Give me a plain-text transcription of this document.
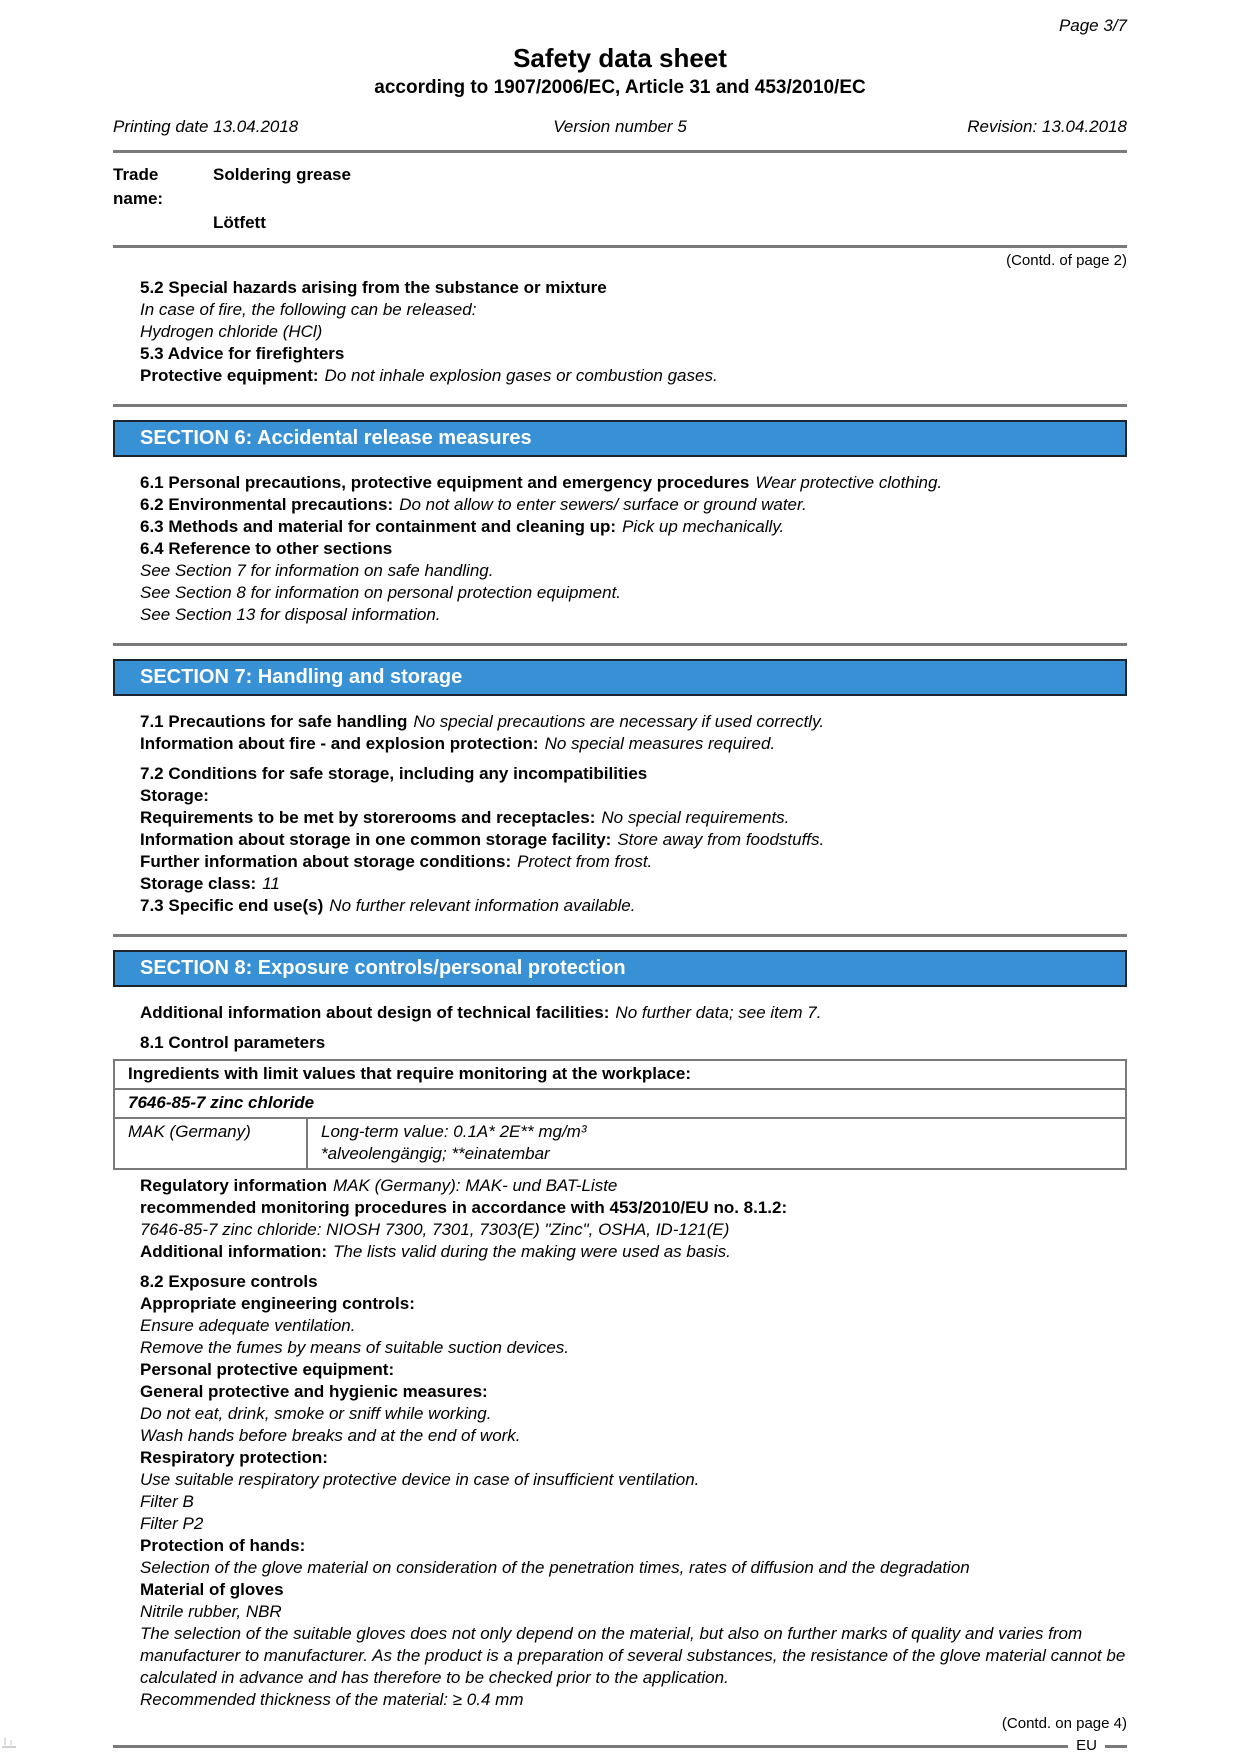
Page 3/7
Safety data sheet
according to 1907/2006/EC, Article 31 and 453/2010/EC
Printing date 13.04.2018	Version number 5	Revision: 13.04.2018
Trade name:
Soldering grease
Lötfett
(Contd. of page 2)
5.2 Special hazards arising from the substance or mixture
In case of fire, the following can be released:
Hydrogen chloride (HCl)
5.3 Advice for firefighters
Protective equipment: Do not inhale explosion gases or combustion gases.
SECTION 6: Accidental release measures
6.1 Personal precautions, protective equipment and emergency procedures Wear protective clothing.
6.2 Environmental precautions: Do not allow to enter sewers/ surface or ground water.
6.3 Methods and material for containment and cleaning up: Pick up mechanically.
6.4 Reference to other sections
See Section 7 for information on safe handling.
See Section 8 for information on personal protection equipment.
See Section 13 for disposal information.
SECTION 7: Handling and storage
7.1 Precautions for safe handling No special precautions are necessary if used correctly.
Information about fire - and explosion protection: No special measures required.
7.2 Conditions for safe storage, including any incompatibilities
Storage:
Requirements to be met by storerooms and receptacles: No special requirements.
Information about storage in one common storage facility: Store away from foodstuffs.
Further information about storage conditions: Protect from frost.
Storage class: 11
7.3 Specific end use(s) No further relevant information available.
SECTION 8: Exposure controls/personal protection
Additional information about design of technical facilities: No further data; see item 7.
8.1 Control parameters
Ingredients with limit values that require monitoring at the workplace:
7646-85-7 zinc chloride
MAK (Germany)	Long-term value: 0.1A* 2E** mg/m³
*alveolengängig; **einatembar
Regulatory information MAK (Germany): MAK- und BAT-Liste
recommended monitoring procedures in accordance with 453/2010/EU no. 8.1.2:
7646-85-7 zinc chloride: NIOSH 7300, 7301, 7303(E) "Zinc", OSHA, ID-121(E)
Additional information: The lists valid during the making were used as basis.
8.2 Exposure controls
Appropriate engineering controls:
Ensure adequate ventilation.
Remove the fumes by means of suitable suction devices.
Personal protective equipment:
General protective and hygienic measures:
Do not eat, drink, smoke or sniff while working.
Wash hands before breaks and at the end of work.
Respiratory protection:
Use suitable respiratory protective device in case of insufficient ventilation.
Filter B
Filter P2
Protection of hands:
Selection of the glove material on consideration of the penetration times, rates of diffusion and the degradation
Material of gloves
Nitrile rubber, NBR
The selection of the suitable gloves does not only depend on the material, but also on further marks of quality and varies from manufacturer to manufacturer. As the product is a preparation of several substances, the resistance of the glove material cannot be calculated in advance and has therefore to be checked prior to the application.
Recommended thickness of the material: ≥ 0.4 mm
(Contd. on page 4)
EU
